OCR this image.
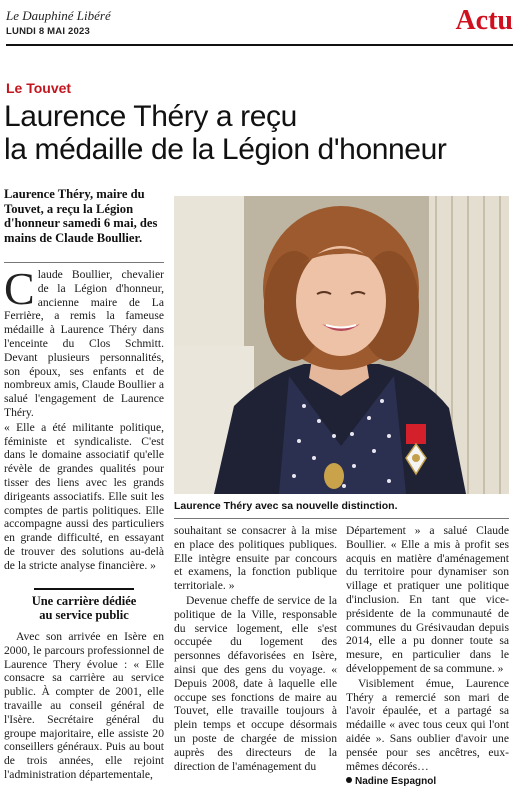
Le Dauphiné Libéré
LUNDI 8 MAI 2023	Actu
Le Touvet
Laurence Théry a reçu
la médaille de la Légion d'honneur
Laurence Théry, maire du Touvet, a reçu la Légion d'honneur samedi 6 mai, des mains de Claude Boullier.

Claude Boullier, chevalier de la Légion d'honneur, ancienne maire de La Ferrière, a remis la fameuse médaille à Laurence Théry dans l'enceinte du Clos Schmitt. Devant plusieurs personnalités, son époux, ses enfants et de nombreux amis, Claude Boullier a salué l'engagement de Laurence Théry.

« Elle a été militante politique, féministe et syndicaliste. C'est dans le domaine associatif qu'elle révèle de grandes qualités pour tisser des liens avec les grands dirigeants associatifs. Elle suit les comptes de partis politiques. Elle accompagne aussi des particuliers en grande difficulté, en essayant de trouver des solutions au-delà de la stricte analyse financière. »

Une carrière dédiée
au service public

Avec son arrivée en Isère en 2000, le parcours professionnel de Laurence Thery évolue : « Elle consacre sa carrière au service public. À compter de 2001, elle travaille au conseil général de l'Isère. Secrétaire général du groupe majoritaire, elle assiste 20 conseillers généraux. Puis au bout de trois années, elle rejoint l'administration départementale,

Laurence Théry avec sa nouvelle distinction.

souhaitant se consacrer à la mise en place des politiques publiques. Elle intègre ensuite par concours et examens, la fonction publique territoriale. »

Devenue cheffe de service de la politique de la Ville, responsable du service logement, elle s'est occupée du logement des personnes défavorisées en Isère, ainsi que des gens du voyage. « Depuis 2008, date à laquelle elle occupe ses fonctions de maire au Touvet, elle travaille toujours à plein temps et occupe désormais un poste de chargée de mission auprès des directeurs de la direction de l'aménagement du

Département » a salué Claude Boullier. « Elle a mis à profit ses acquis en matière d'aménagement du territoire pour dynamiser son village et pratiquer une politique d'inclusion. En tant que vice-présidente de la communauté de communes du Grésivaudan depuis 2014, elle a pu donner toute sa mesure, en particulier dans le développement de sa commune. »

Visiblement émue, Laurence Théry a remercié son mari de l'avoir épaulée, et a partagé sa médaille « avec tous ceux qui l'ont aidée ». Sans oublier d'avoir une pensée pour ses ancêtres, eux-mêmes décorés…

Nadine Espagnol
